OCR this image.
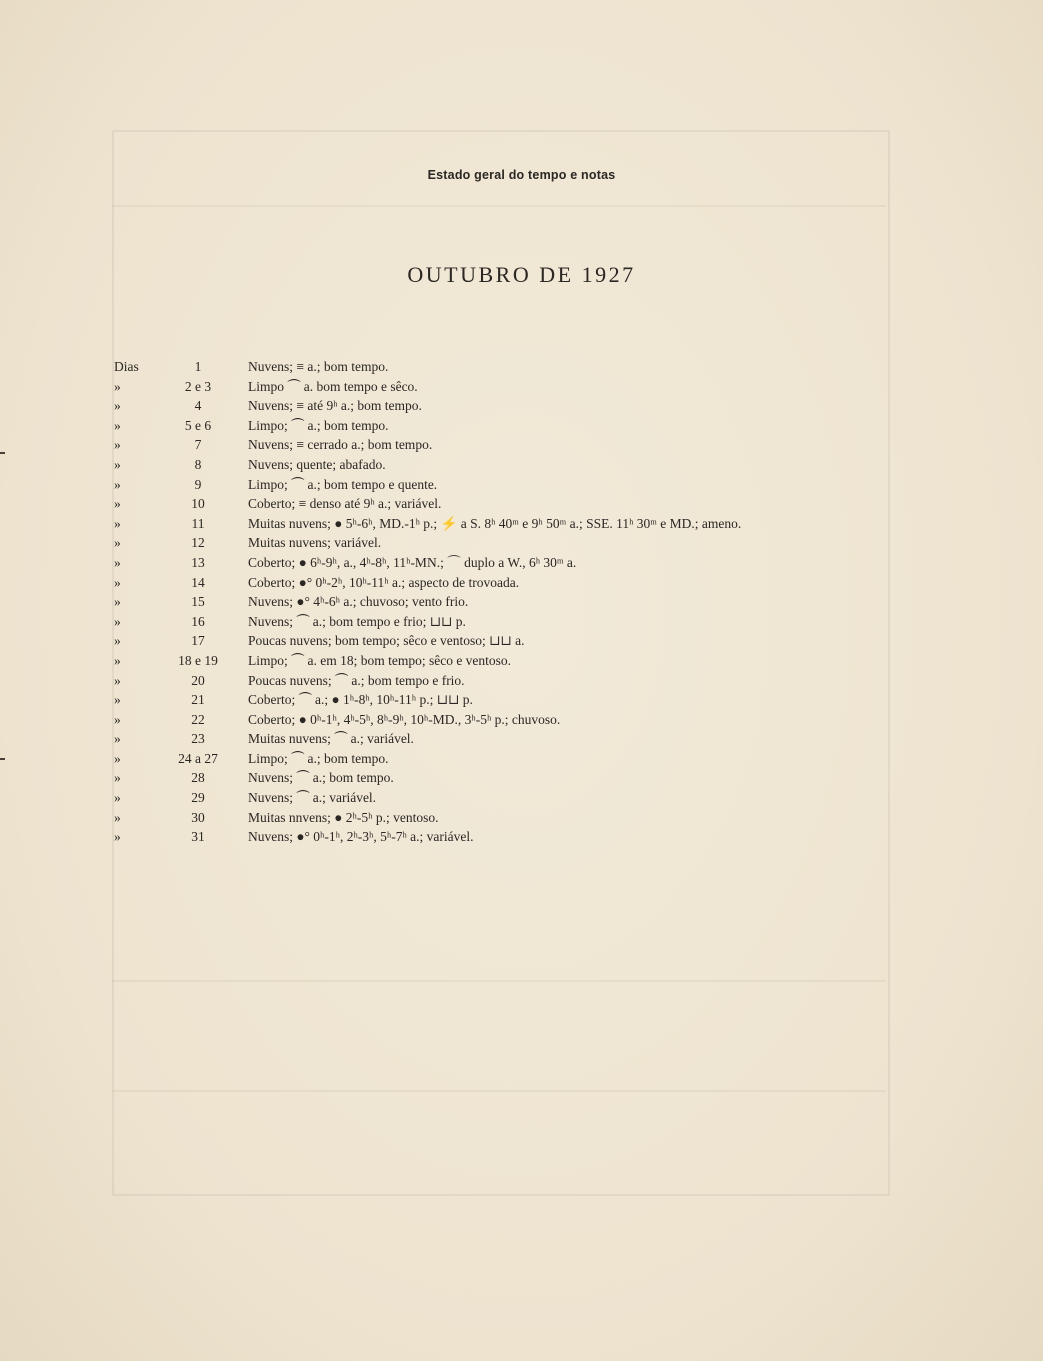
Estado geral do tempo e notas
OUTUBRO DE 1927
Dias	1	Nuvens; ≡ a.; bom tempo.
»	2 e 3	Limpo ⏜ a. bom tempo e sêco.
»	4	Nuvens; ≡ até 9ʰ a.; bom tempo.
»	5 e 6	Limpo; ⏜ a.; bom tempo.
»	7	Nuvens; ≡ cerrado a.; bom tempo.
»	8	Nuvens; quente; abafado.
»	9	Limpo; ⏜ a.; bom tempo e quente.
»	10	Coberto; ≡ denso até 9ʰ a.; variável.
»	11	Muitas nuvens; ● 5ʰ-6ʰ, MD.-1ʰ p.; ⚡ a S. 8ʰ 40ᵐ e 9ʰ 50ᵐ a.; SSE. 11ʰ 30ᵐ e MD.; ameno.
»	12	Muitas nuvens; variável.
»	13	Coberto; ● 6ʰ-9ʰ, a., 4ʰ-8ʰ, 11ʰ-MN.; ⌒ duplo a W., 6ʰ 30ᵐ a.
»	14	Coberto; ●° 0ʰ-2ʰ, 10ʰ-11ʰ a.; aspecto de trovoada.
»	15	Nuvens; ●° 4ʰ-6ʰ a.; chuvoso; vento frio.
»	16	Nuvens; ⏜ a.; bom tempo e frio; ⊔⊔ p.
»	17	Poucas nuvens; bom tempo; sêco e ventoso; ⊔⊔ a.
»	18 e 19	Limpo; ⏜ a. em 18; bom tempo; sêco e ventoso.
»	20	Poucas nuvens; ⏜ a.; bom tempo e frio.
»	21	Coberto; ⏜ a.; ● 1ʰ-8ʰ, 10ʰ-11ʰ p.; ⊔⊔ p.
»	22	Coberto; ● 0ʰ-1ʰ, 4ʰ-5ʰ, 8ʰ-9ʰ, 10ʰ-MD., 3ʰ-5ʰ p.; chuvoso.
»	23	Muitas nuvens; ⏜ a.; variável.
»	24 a 27	Limpo; ⏜ a.; bom tempo.
»	28	Nuvens; ⏜ a.; bom tempo.
»	29	Nuvens; ⏜ a.; variável.
»	30	Muitas nnvens; ● 2ʰ-5ʰ p.; ventoso.
»	31	Nuvens; ●° 0ʰ-1ʰ, 2ʰ-3ʰ, 5ʰ-7ʰ a.; variável.
